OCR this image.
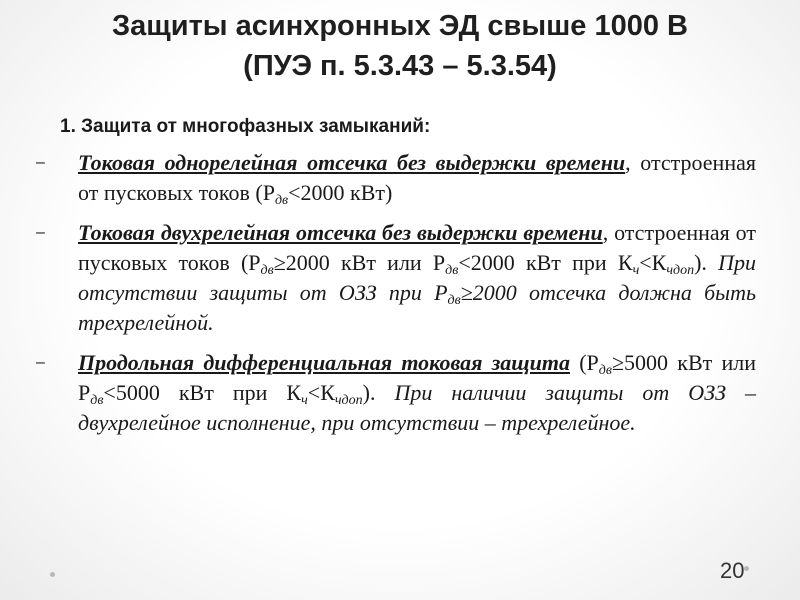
Защиты асинхронных ЭД свыше 1000 В
(ПУЭ п. 5.3.43 – 5.3.54)
1. Защита от многофазных замыканий:
–	Токовая однорелейная отсечка без выдержки времени, отстроенная от пусковых токов ($Р_{дв}<2000$ кВт)
–	Токовая двухрелейная отсечка без выдержки времени, отстроенная от пусковых токов ($Р_{дв}\ge 2000$ кВт или $Р_{дв}<2000$ кВт при $К_ч<К_{чдоп}$). При отсутствии защиты от ОЗЗ при $Р_{дв}\ge 2000$ отсечка должна быть трехрелейной.
–	Продольная дифференциальная токовая защита ($Р_{дв}\ge 5000$ кВт или $Р_{дв}<5000$ кВт при $К_ч<К_{чдоп}$). При наличии защиты от ОЗЗ – двухрелейное исполнение, при отсутствии – трехрелейное.
20
